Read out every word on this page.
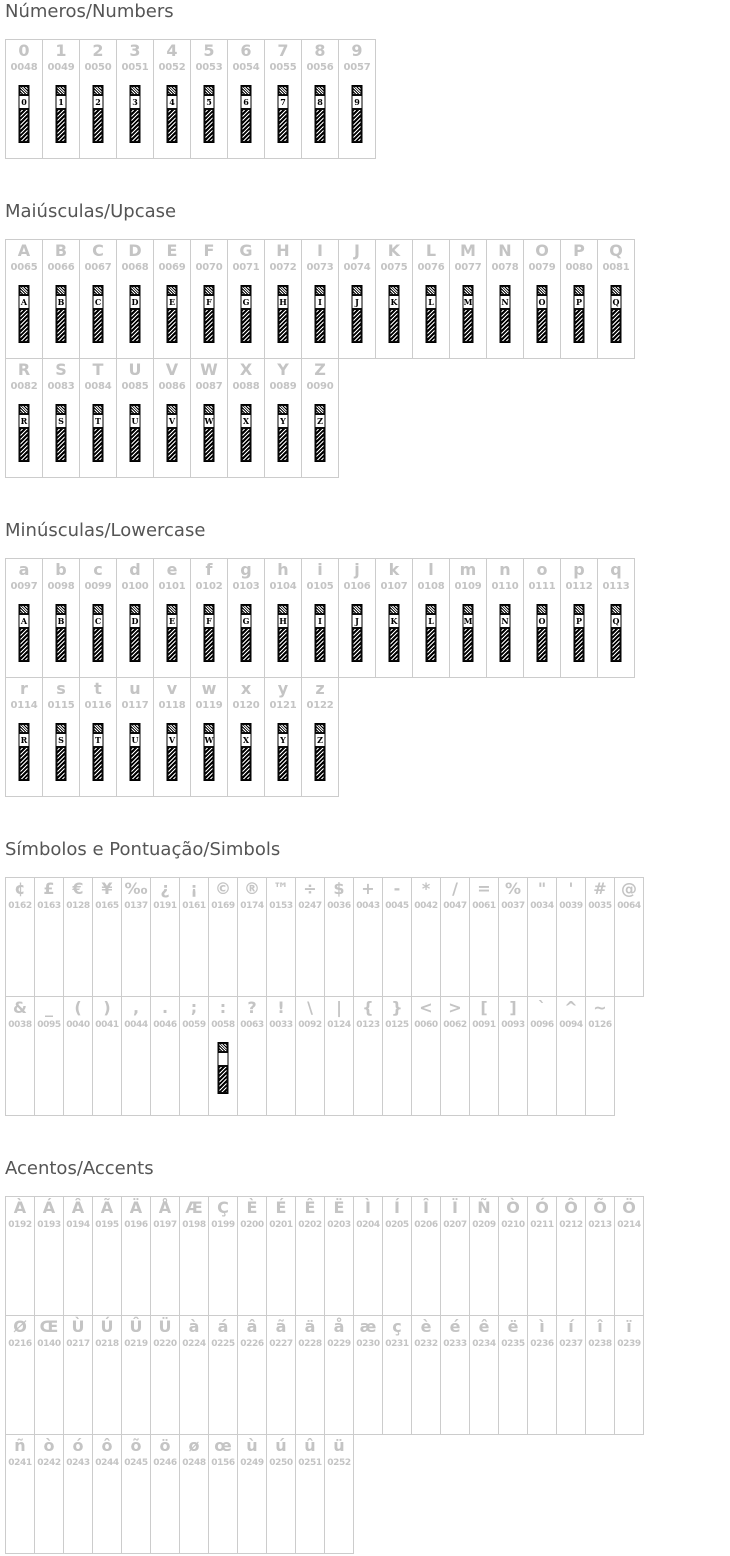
Números/Numbers
0
0048
0
1
0049
1
2
0050
2
3
0051
3
4
0052
4
5
0053
5
6
0054
6
7
0055
7
8
0056
8
9
0057
9
Maiúsculas/Upcase
A
0065
A
B
0066
B
C
0067
C
D
0068
D
E
0069
E
F
0070
F
G
0071
G
H
0072
H
I
0073
I
J
0074
J
K
0075
K
L
0076
L
M
0077
M
N
0078
N
O
0079
O
P
0080
P
Q
0081
Q
R
0082
R
S
0083
S
T
0084
T
U
0085
U
V
0086
V
W
0087
W
X
0088
X
Y
0089
Y
Z
0090
Z
Minúsculas/Lowercase
a
0097
A
b
0098
B
c
0099
C
d
0100
D
e
0101
E
f
0102
F
g
0103
G
h
0104
H
i
0105
I
j
0106
J
k
0107
K
l
0108
L
m
0109
M
n
0110
N
o
0111
O
p
0112
P
q
0113
Q
r
0114
R
s
0115
S
t
0116
T
u
0117
U
v
0118
V
w
0119
W
x
0120
X
y
0121
Y
z
0122
Z
Símbolos e Pontuação/Simbols
¢
0162
£
0163
€
0128
¥
0165
‰
0137
¿
0191
¡
0161
©
0169
®
0174
™
0153
÷
0247
$
0036
+
0043
-
0045
*
0042
/
0047
=
0061
%
0037
"
0034
'
0039
#
0035
@
0064
&
0038
_
0095
(
0040
)
0041
,
0044
.
0046
;
0059
:
0058
?
0063
!
0033
\
0092
|
0124
{
0123
}
0125
<
0060
>
0062
[
0091
]
0093
`
0096
^
0094
~
0126
Acentos/Accents
À
0192
Á
0193
Â
0194
Ã
0195
Ä
0196
Å
0197
Æ
0198
Ç
0199
È
0200
É
0201
Ê
0202
Ë
0203
Ì
0204
Í
0205
Î
0206
Ï
0207
Ñ
0209
Ò
0210
Ó
0211
Ô
0212
Õ
0213
Ö
0214
Ø
0216
Œ
0140
Ù
0217
Ú
0218
Û
0219
Ü
0220
à
0224
á
0225
â
0226
ã
0227
ä
0228
å
0229
æ
0230
ç
0231
è
0232
é
0233
ê
0234
ë
0235
ì
0236
í
0237
î
0238
ï
0239
ñ
0241
ò
0242
ó
0243
ô
0244
õ
0245
ö
0246
ø
0248
œ
0156
ù
0249
ú
0250
û
0251
ü
0252
